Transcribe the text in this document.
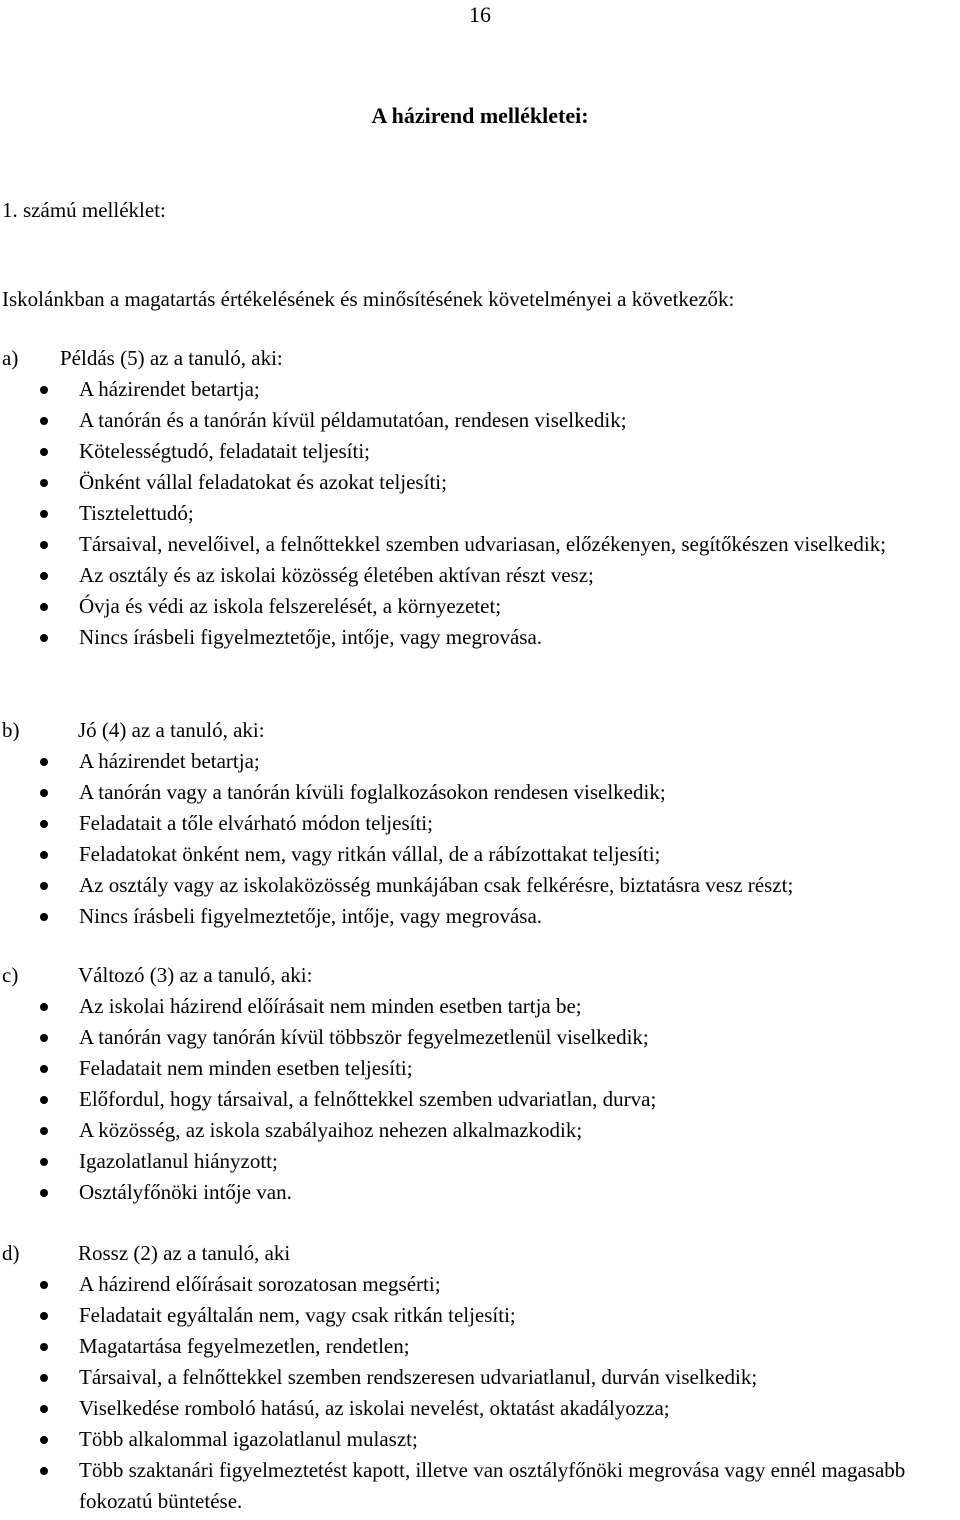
16
A házirend mellékletei:
1. számú melléklet:
Iskolánkban a magatartás értékelésének és minősítésének követelményei a következők:
a) Példás (5) az a tanuló, aki:
A házirendet betartja;
A tanórán és a tanórán kívül példamutatóan, rendesen viselkedik;
Kötelességtudó, feladatait teljesíti;
Önként vállal feladatokat és azokat teljesíti;
Tisztelettudó;
Társaival, nevelőivel, a felnőttekkel szemben udvariasan, előzékenyen, segítőkészen viselkedik;
Az osztály és az iskolai közösség életében aktívan részt vesz;
Óvja és védi az iskola felszerelését, a környezetet;
Nincs írásbeli figyelmeztetője, intője, vagy megrovása.
b)	Jó (4) az a tanuló, aki:
A házirendet betartja;
A tanórán vagy a tanórán kívüli foglalkozásokon rendesen viselkedik;
Feladatait a tőle elvárható módon teljesíti;
Feladatokat önként nem, vagy ritkán vállal, de a rábízottakat teljesíti;
Az osztály vagy az iskolaközösség munkájában csak felkérésre, biztatásra vesz részt;
Nincs írásbeli figyelmeztetője, intője, vagy megrovása.
c)	Változó (3) az a tanuló, aki:
Az iskolai házirend előírásait nem minden esetben tartja be;
A tanórán vagy tanórán kívül többször fegyelmezetlenül viselkedik;
Feladatait nem minden esetben teljesíti;
Előfordul, hogy társaival, a felnőttekkel szemben udvariatlan, durva;
A közösség, az iskola szabályaihoz nehezen alkalmazkodik;
Igazolatlanul hiányzott;
Osztályfőnöki intője van.
d)	Rossz (2) az a tanuló, aki
A házirend előírásait sorozatosan megsérti;
Feladatait egyáltalán nem, vagy csak ritkán teljesíti;
Magatartása fegyelmezetlen, rendetlen;
Társaival, a felnőttekkel szemben rendszeresen udvariatlanul, durván viselkedik;
Viselkedése romboló hatású, az iskolai nevelést, oktatást akadályozza;
Több alkalommal igazolatlanul mulaszt;
Több szaktanári figyelmeztetést kapott, illetve van osztályfőnöki megrovása vagy ennél magasabb fokozatú büntetése.
